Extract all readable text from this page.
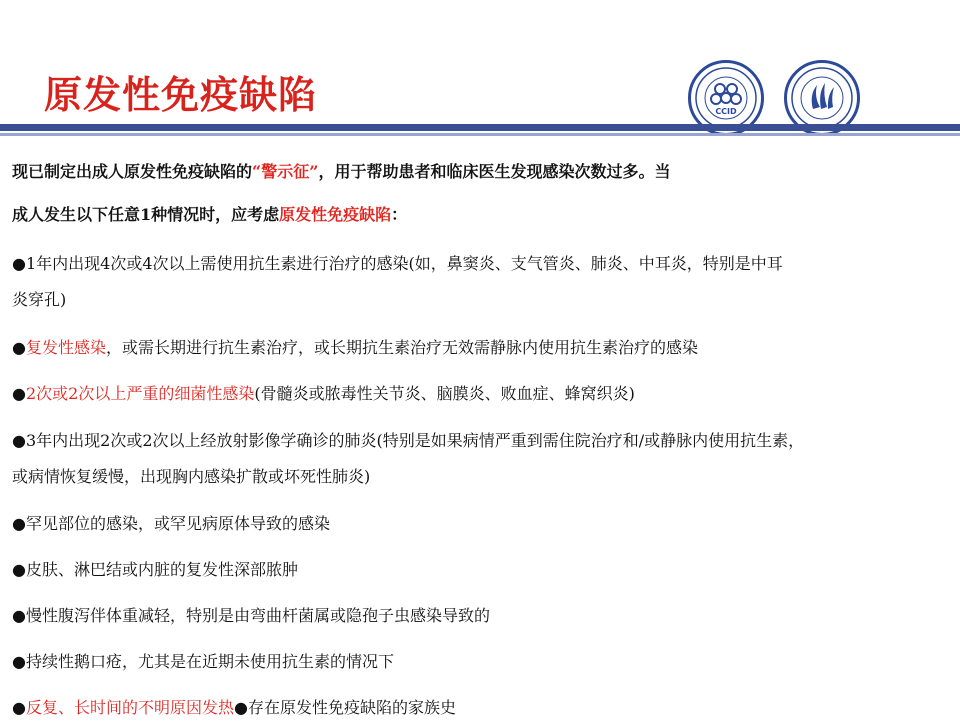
原发性免疫缺陷	CCID
现已制定出成人原发性免疫缺陷的“警示征”，用于帮助患者和临床医生发现感染次数过多。当
成人发生以下任意1种情况时，应考虑原发性免疫缺陷：
●1年内出现4次或4次以上需使用抗生素进行治疗的感染(如，鼻窦炎、支气管炎、肺炎、中耳炎，特别是中耳
炎穿孔)
●复发性感染，或需长期进行抗生素治疗，或长期抗生素治疗无效需静脉内使用抗生素治疗的感染
●2次或2次以上严重的细菌性感染(骨髓炎或脓毒性关节炎、脑膜炎、败血症、蜂窝织炎)
●3年内出现2次或2次以上经放射影像学确诊的肺炎(特别是如果病情严重到需住院治疗和/或静脉内使用抗生素，
或病情恢复缓慢，出现胸内感染扩散或坏死性肺炎)
●罕见部位的感染，或罕见病原体导致的感染
●皮肤、淋巴结或内脏的复发性深部脓肿
●慢性腹泻伴体重减轻，特别是由弯曲杆菌属或隐孢子虫感染导致的
●持续性鹅口疮，尤其是在近期未使用抗生素的情况下
●反复、长时间的不明原因发热●存在原发性免疫缺陷的家族史
